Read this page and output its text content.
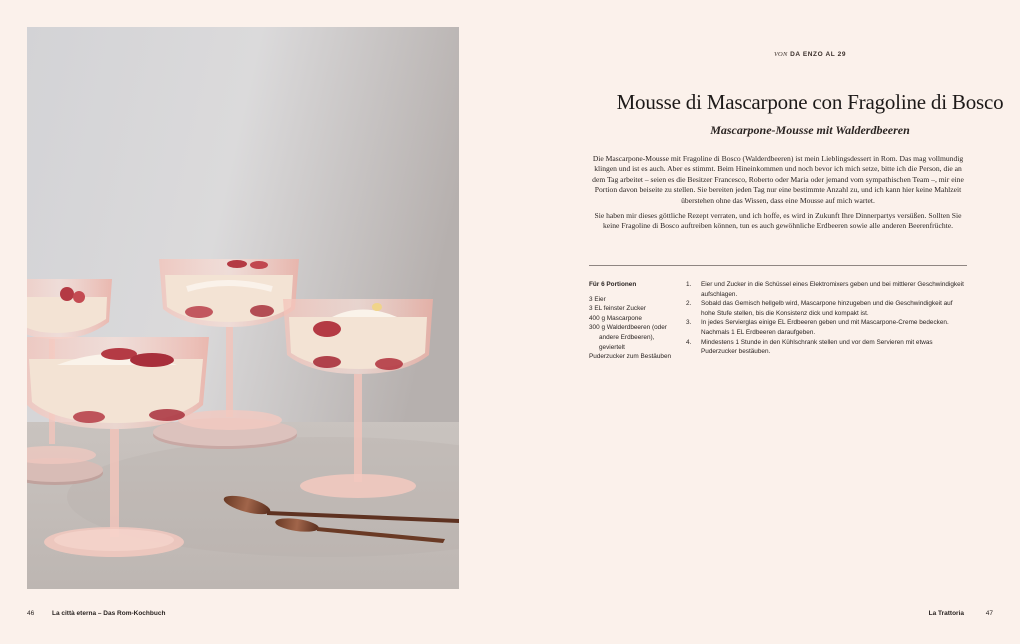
VON DA ENZO AL 29
Mousse di Mascarpone con Fragoline di Bosco
Mascarpone-Mousse mit Walderdbeeren

Die Mascarpone-Mousse mit Fragoline di Bosco (Walderdbeeren) ist mein Lieblingsdessert in Rom. Das mag vollmundig klingen und ist es auch. Aber es stimmt. Beim Hineinkommen und noch bevor ich mich setze, bitte ich die Person, die an dem Tag arbeitet – seien es die Besitzer Francesco, Roberto oder Maria oder jemand vom sympathischen Team –, mir eine Portion davon beiseite zu stellen. Sie bereiten jeden Tag nur eine bestimmte Anzahl zu, und ich kann hier keine Mahlzeit überstehen ohne das Wissen, dass eine Mousse auf mich wartet.

Sie haben mir dieses göttliche Rezept verraten, und ich hoffe, es wird in Zukunft Ihre Dinnerpartys versüßen. Sollten Sie keine Fragoline di Bosco auftreiben können, tun es auch gewöhnliche Erdbeeren sowie alle anderen Beerenfrüchte.

Für 6 Portionen
3 Eier
3 EL feinster Zucker
400 g Mascarpone
300 g Walderdbeeren (oder andere Erdbeeren), geviertelt
Puderzucker zum Bestäuben
1.	Eier und Zucker in die Schüssel eines Elektromixers geben und bei mittlerer Geschwindigkeit aufschlagen.
2.	Sobald das Gemisch hellgelb wird, Mascarpone hinzugeben und die Geschwindigkeit auf hohe Stufe stellen, bis die Konsistenz dick und kompakt ist.
3.	In jedes Servierglas einige EL Erdbeeren geben und mit Mascarpone-Creme bedecken. Nachmals 1 EL Erdbeeren daraufgeben.
4.	Mindestens 1 Stunde in den Kühlschrank stellen und vor dem Servieren mit etwas Puderzucker bestäuben.
46	La città eterna – Das Rom-Kochbuch	La Trattoria	47
